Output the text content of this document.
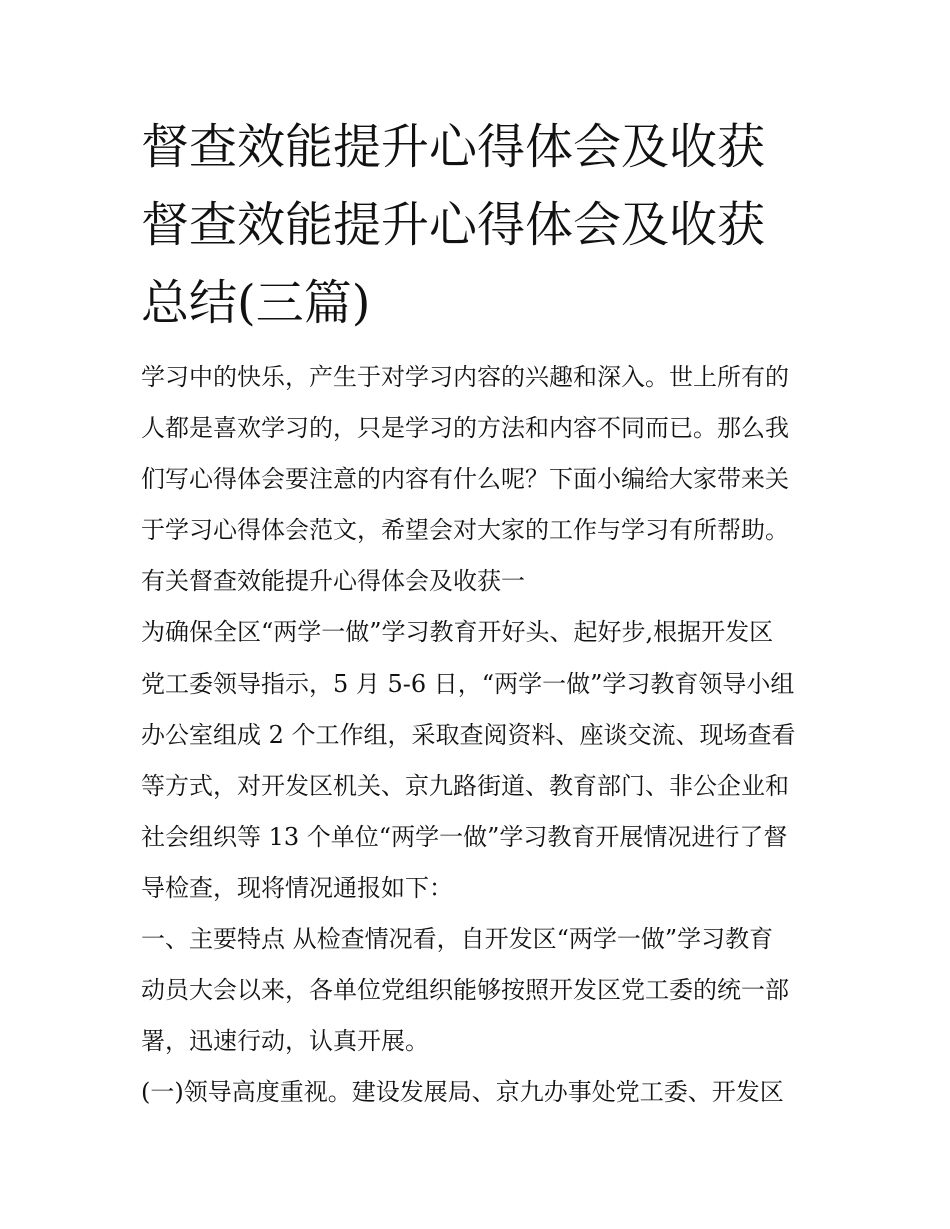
督查效能提升心得体会及收获
督查效能提升心得体会及收获
总结(三篇)
学习中的快乐，产生于对学习内容的兴趣和深入。世上所有的
人都是喜欢学习的，只是学习的方法和内容不同而已。那么我
们写心得体会要注意的内容有什么呢？下面小编给大家带来关
于学习心得体会范文，希望会对大家的工作与学习有所帮助。
有关督查效能提升心得体会及收获一
为确保全区“两学一做”学习教育开好头、起好步,根据开发区
党工委领导指示，5 月 5-6 日，“两学一做”学习教育领导小组
办公室组成 2 个工作组，采取查阅资料、座谈交流、现场查看
等方式，对开发区机关、京九路街道、教育部门、非公企业和
社会组织等 13 个单位“两学一做”学习教育开展情况进行了督
导检查，现将情况通报如下：
一、主要特点 从检查情况看，自开发区“两学一做”学习教育
动员大会以来，各单位党组织能够按照开发区党工委的统一部
署，迅速行动，认真开展。
(一)领导高度重视。建设发展局、京九办事处党工委、开发区
